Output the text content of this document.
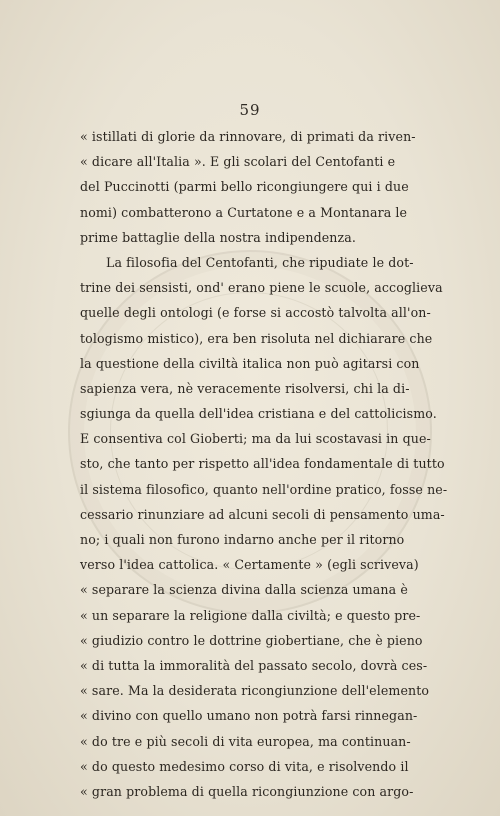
59
« istillati di glorie da rinnovare, di primati da riven-
« dicare all'Italia ». E gli scolari del Centofanti e
del Puccinotti (parmi bello ricongiungere qui i due
nomi) combatterono a Curtatone e a Montanara le
prime battaglie della nostra indipendenza.
La filosofia del Centofanti, che ripudiate le dot-
trine dei sensisti, ond' erano piene le scuole, accoglieva
quelle degli ontologi (e forse si accostò talvolta all'on-
tologismo mistico), era ben risoluta nel dichiarare che
la questione della civiltà italica non può agitarsi con
sapienza vera, nè veracemente risolversi, chi la di-
sgiunga da quella dell'idea cristiana e del cattolicismo.
E consentiva col Gioberti; ma da lui scostavasi in que-
sto, che tanto per rispetto all'idea fondamentale di tutto
il sistema filosofico, quanto nell'ordine pratico, fosse ne-
cessario rinunziare ad alcuni secoli di pensamento uma-
no; i quali non furono indarno anche per il ritorno
verso l'idea cattolica. « Certamente » (egli scriveva)
« separare la scienza divina dalla scienza umana è
« un separare la religione dalla civiltà; e questo pre-
« giudizio contro le dottrine giobertiane, che è pieno
« di tutta la immoralità del passato secolo, dovrà ces-
« sare. Ma la desiderata ricongiunzione dell'elemento
« divino con quello umano non potrà farsi rinnegan-
« do tre e più secoli di vita europea, ma continuan-
« do questo medesimo corso di vita, e risolvendo il
« gran problema di quella ricongiunzione con argo-
